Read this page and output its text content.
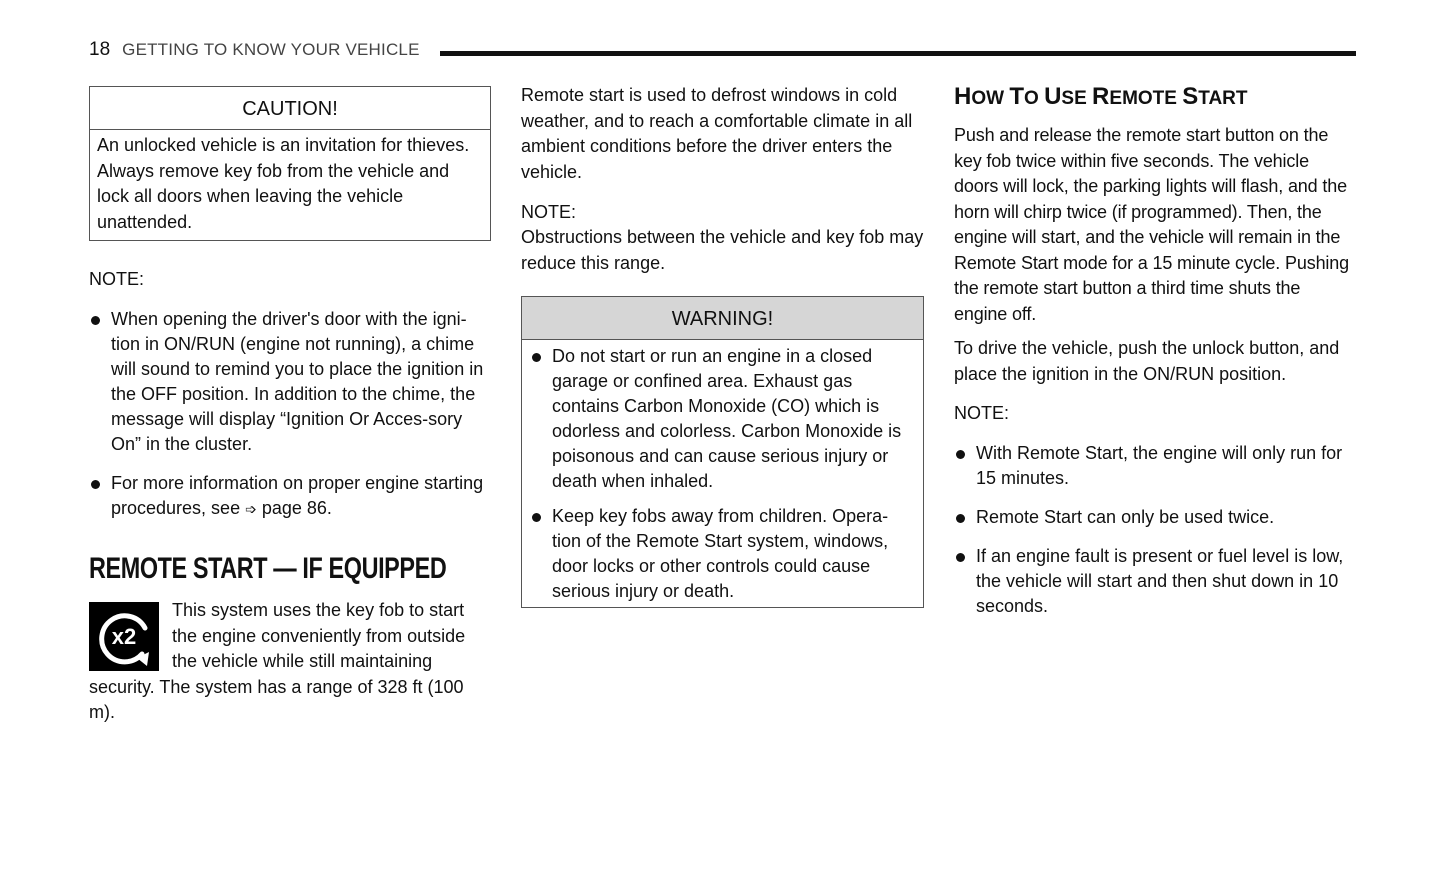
18 GETTING TO KNOW YOUR VEHICLE
CAUTION!
An unlocked vehicle is an invitation for thieves. Always remove key fob from the vehicle and lock all doors when leaving the vehicle unattended.
NOTE:
When opening the driver's door with the igni-tion in ON/RUN (engine not running), a chime will sound to remind you to place the ignition in the OFF position. In addition to the chime, the message will display “Ignition Or Acces-sory On” in the cluster.
For more information on proper engine starting procedures, see ➩ page 86.
REMOTE START — IF EQUIPPED
x2

This system uses the key fob to start the engine conveniently from outside the vehicle while still maintaining security. The system has a range of 328 ft (100 m).

Remote start is used to defrost windows in cold weather, and to reach a comfortable climate in all ambient conditions before the driver enters the vehicle.

NOTE:

Obstructions between the vehicle and key fob may reduce this range.

WARNING!
Do not start or run an engine in a closed garage or confined area. Exhaust gas contains Carbon Monoxide (CO) which is odorless and colorless. Carbon Monoxide is poisonous and can cause serious injury or death when inhaled.
Keep key fobs away from children. Opera-tion of the Remote Start system, windows, door locks or other controls could cause serious injury or death.
HOW TO USE REMOTE START

Push and release the remote start button on the key fob twice within five seconds. The vehicle doors will lock, the parking lights will flash, and the horn will chirp twice (if programmed). Then, the engine will start, and the vehicle will remain in the Remote Start mode for a 15 minute cycle. Pushing the remote start button a third time shuts the engine off.

To drive the vehicle, push the unlock button, and place the ignition in the ON/RUN position.

NOTE:
With Remote Start, the engine will only run for 15 minutes.
Remote Start can only be used twice.
If an engine fault is present or fuel level is low, the vehicle will start and then shut down in 10 seconds.
